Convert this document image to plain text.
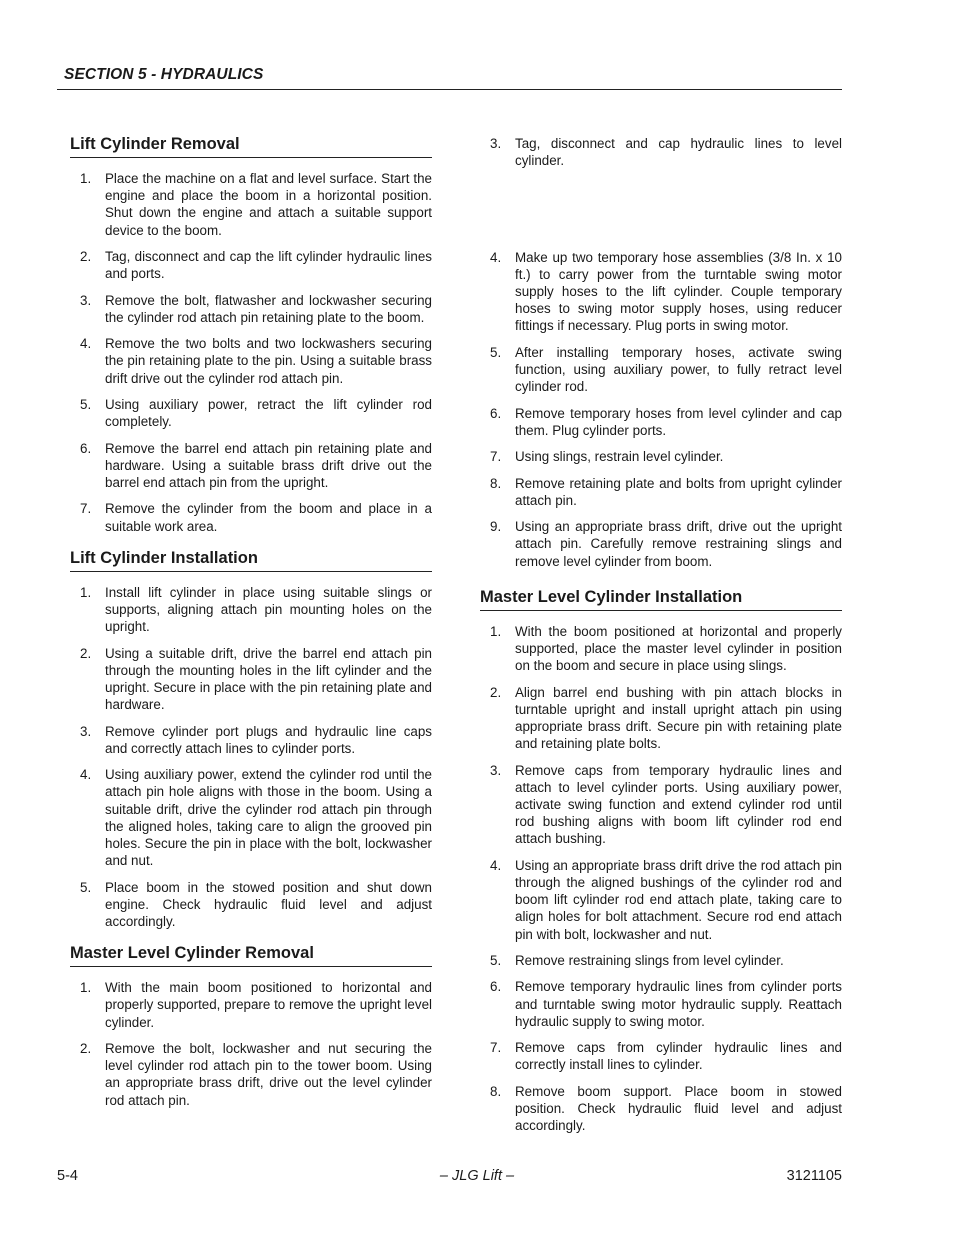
SECTION 5 - HYDRAULICS
Lift Cylinder Removal
1. Place the machine on a flat and level surface. Start the engine and place the boom in a horizontal position. Shut down the engine and attach a suitable support device to the boom.
2. Tag, disconnect and cap the lift cylinder hydraulic lines and ports.
3. Remove the bolt, flatwasher and lockwasher securing the cylinder rod attach pin retaining plate to the boom.
4. Remove the two bolts and two lockwashers securing the pin retaining plate to the pin. Using a suitable brass drift drive out the cylinder rod attach pin.
5. Using auxiliary power, retract the lift cylinder rod completely.
6. Remove the barrel end attach pin retaining plate and hardware. Using a suitable brass drift drive out the barrel end attach pin from the upright.
7. Remove the cylinder from the boom and place in a suitable work area.
Lift Cylinder Installation
1. Install lift cylinder in place using suitable slings or supports, aligning attach pin mounting holes on the upright.
2. Using a suitable drift, drive the barrel end attach pin through the mounting holes in the lift cylinder and the upright. Secure in place with the pin retaining plate and hardware.
3. Remove cylinder port plugs and hydraulic line caps and correctly attach lines to cylinder ports.
4. Using auxiliary power, extend the cylinder rod until the attach pin hole aligns with those in the boom. Using a suitable drift, drive the cylinder rod attach pin through the aligned holes, taking care to align the grooved pin holes. Secure the pin in place with the bolt, lockwasher and nut.
5. Place boom in the stowed position and shut down engine. Check hydraulic fluid level and adjust accordingly.
Master Level Cylinder Removal
1. With the main boom positioned to horizontal and properly supported, prepare to remove the upright level cylinder.
2. Remove the bolt, lockwasher and nut securing the level cylinder rod attach pin to the tower boom. Using an appropriate brass drift, drive out the level cylinder rod attach pin.
3. Tag, disconnect and cap hydraulic lines to level cylinder.
4. Make up two temporary hose assemblies (3/8 In. x 10 ft.) to carry power from the turntable swing motor supply hoses to the lift cylinder. Couple temporary hoses to swing motor supply hoses, using reducer fittings if necessary. Plug ports in swing motor.
5. After installing temporary hoses, activate swing function, using auxiliary power, to fully retract level cylinder rod.
6. Remove temporary hoses from level cylinder and cap them. Plug cylinder ports.
7. Using slings, restrain level cylinder.
8. Remove retaining plate and bolts from upright cylinder attach pin.
9. Using an appropriate brass drift, drive out the upright attach pin. Carefully remove restraining slings and remove level cylinder from boom.
Master Level Cylinder Installation
1. With the boom positioned at horizontal and properly supported, place the master level cylinder in position on the boom and secure in place using slings.
2. Align barrel end bushing with pin attach blocks in turntable upright and install upright attach pin using appropriate brass drift. Secure pin with retaining plate and retaining plate bolts.
3. Remove caps from temporary hydraulic lines and attach to level cylinder ports. Using auxiliary power, activate swing function and extend cylinder rod until rod bushing aligns with boom lift cylinder rod end attach bushing.
4. Using an appropriate brass drift drive the rod attach pin through the aligned bushings of the cylinder rod and boom lift cylinder rod end attach plate, taking care to align holes for bolt attachment. Secure rod end attach pin with bolt, lockwasher and nut.
5. Remove restraining slings from level cylinder.
6. Remove temporary hydraulic lines from cylinder ports and turntable swing motor hydraulic supply. Reattach hydraulic supply to swing motor.
7. Remove caps from cylinder hydraulic lines and correctly install lines to cylinder.
8. Remove boom support. Place boom in stowed position. Check hydraulic fluid level and adjust accordingly.
5-4	– JLG Lift –	3121105
